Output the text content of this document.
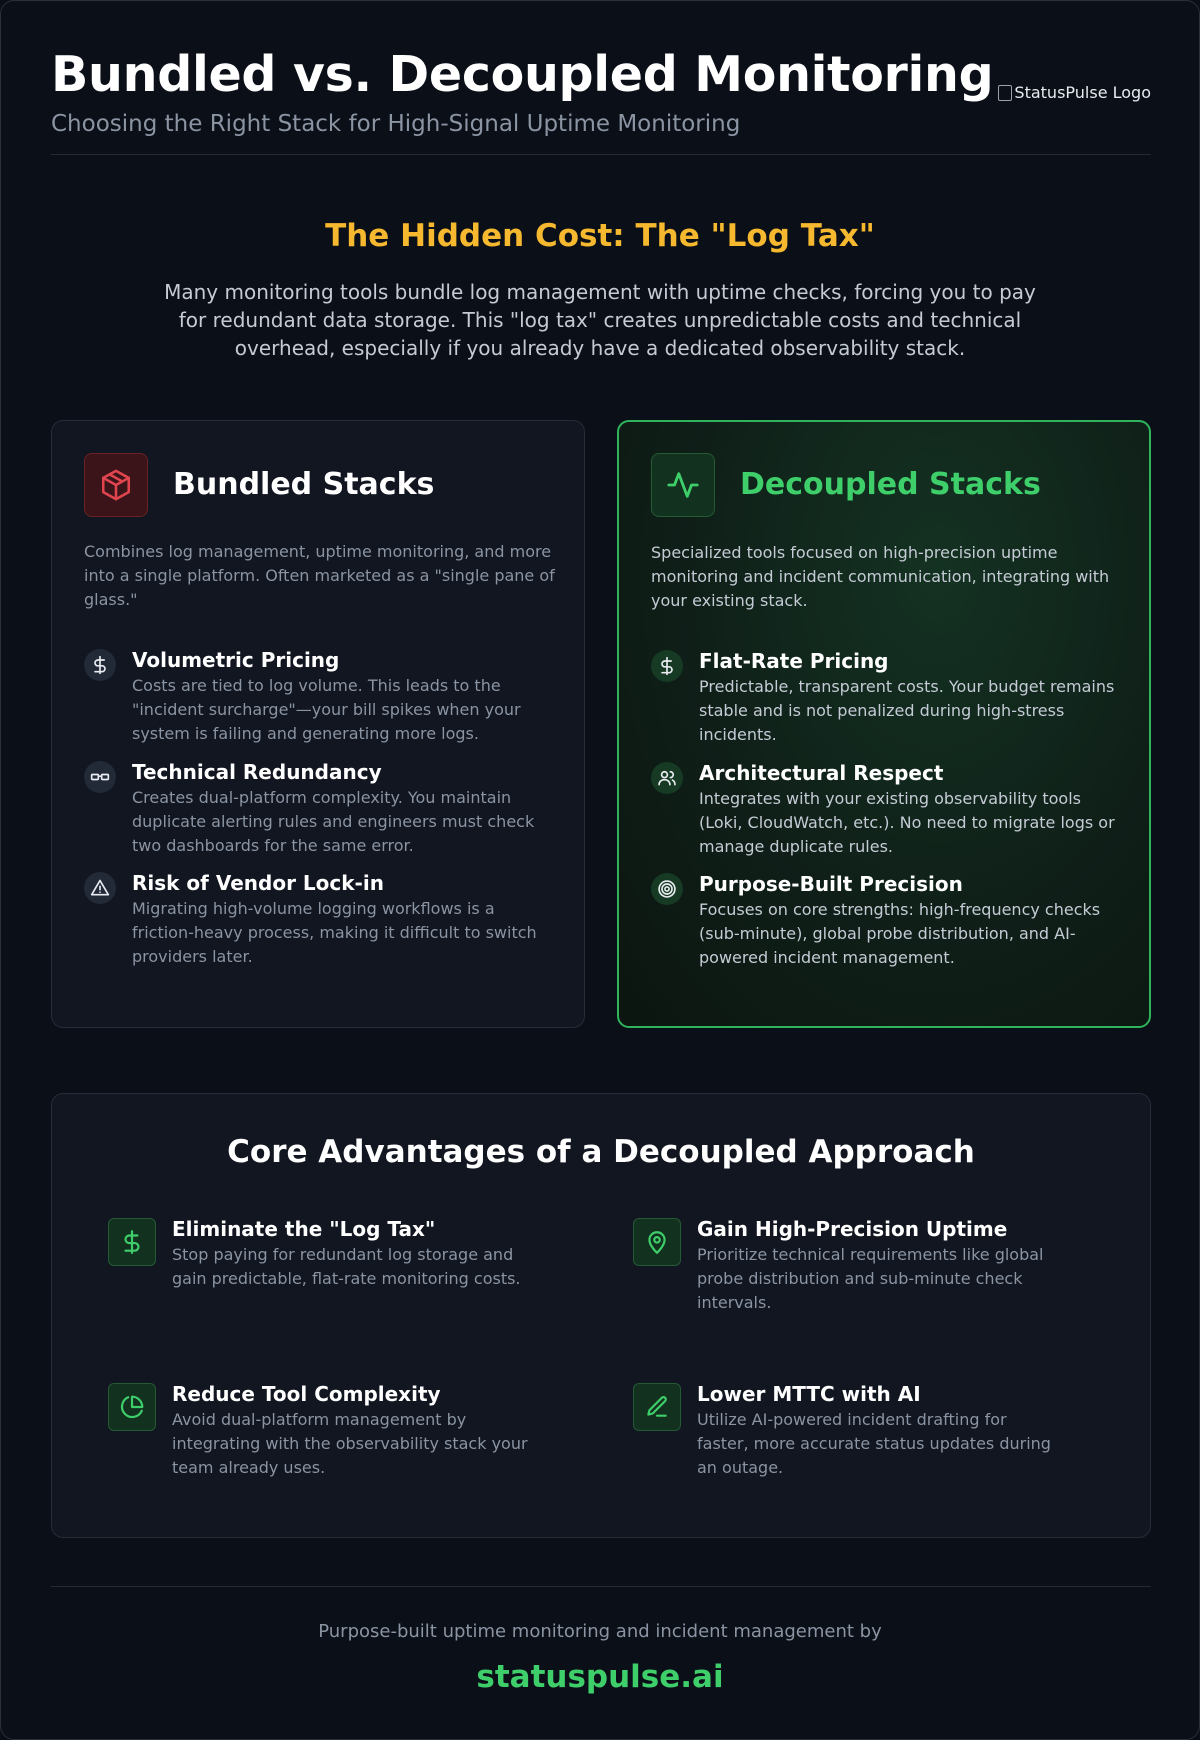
Bundled vs. Decoupled Monitoring
Choosing the Right Stack for High-Signal Uptime Monitoring
StatusPulse Logo
The Hidden Cost: The "Log Tax"

Many monitoring tools bundle log management with uptime checks, forcing you to pay for redundant data storage. This "log tax" creates unpredictable costs and technical overhead, especially if you already have a dedicated observability stack.

Bundled Stacks
Combines log management, uptime monitoring, and more into a single platform. Often marketed as a "single pane of glass."
Volumetric Pricing
Costs are tied to log volume. This leads to the "incident surcharge"—your bill spikes when your system is failing and generating more logs.
Technical Redundancy
Creates dual-platform complexity. You maintain duplicate alerting rules and engineers must check two dashboards for the same error.
Risk of Vendor Lock-in
Migrating high-volume logging workflows is a friction-heavy process, making it difficult to switch providers later.
Decoupled Stacks
Specialized tools focused on high-precision uptime monitoring and incident communication, integrating with your existing stack.
Flat-Rate Pricing
Predictable, transparent costs. Your budget remains stable and is not penalized during high-stress incidents.
Architectural Respect
Integrates with your existing observability tools (Loki, CloudWatch, etc.). No need to migrate logs or manage duplicate rules.
Purpose-Built Precision
Focuses on core strengths: high-frequency checks (sub-minute), global probe distribution, and AI-powered incident management.
Core Advantages of a Decoupled Approach
Eliminate the "Log Tax"
Stop paying for redundant log storage and gain predictable, flat-rate monitoring costs.
Gain High-Precision Uptime
Prioritize technical requirements like global probe distribution and sub-minute check intervals.
Reduce Tool Complexity
Avoid dual-platform management by integrating with the observability stack your team already uses.
Lower MTTC with AI
Utilize AI-powered incident drafting for faster, more accurate status updates during an outage.
Purpose-built uptime monitoring and incident management by
statuspulse.ai
